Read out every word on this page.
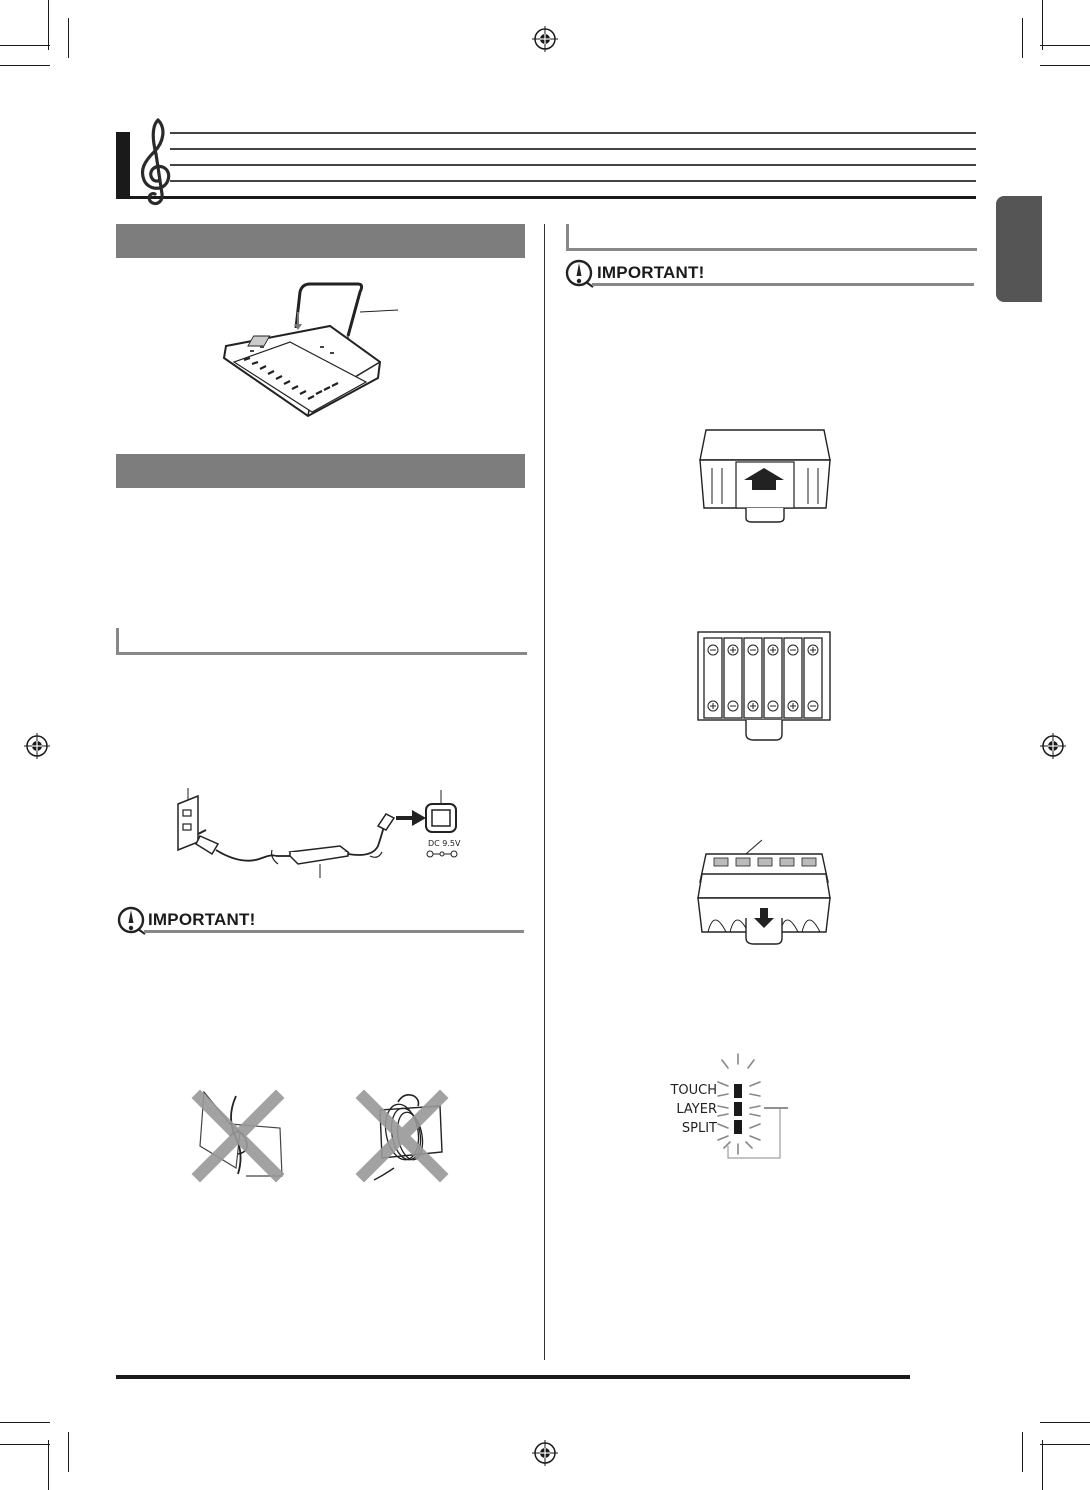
DC 9.5V
IMPORTANT!
IMPORTANT!
TOUCH
LAYER
SPLIT
